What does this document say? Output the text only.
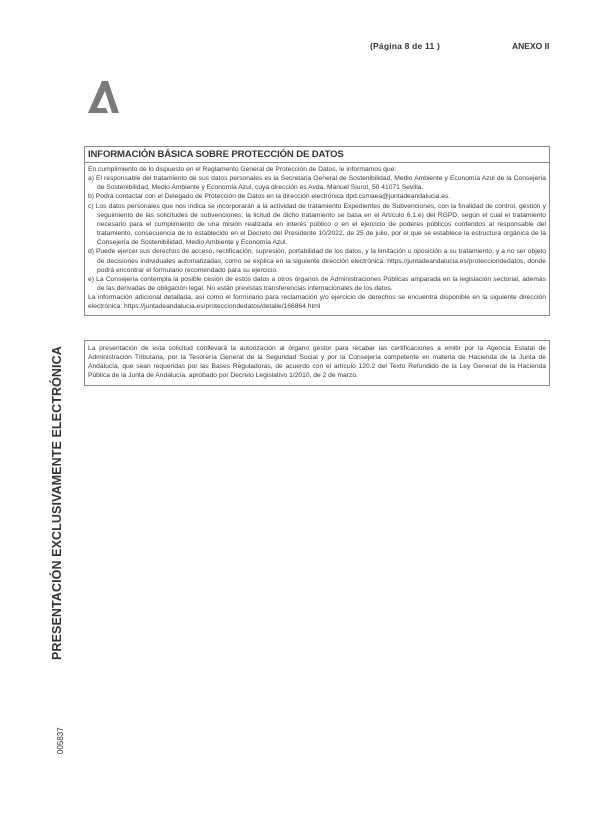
(Página 8 de 11 )	ANEXO II
PRESENTACIÓN EXCLUSIVAMENTE ELECTRÓNICA
005837
INFORMACIÓN BÁSICA SOBRE PROTECCIÓN DE DATOS

En cumplimiento de lo dispuesto en el Reglamento General de Protección de Datos, le informamos que:

a) El responsable del tratamiento de sus datos personales es la Secretaria General de Sostenibilidad, Medio Ambiente y Economía Azul de la Consejería de Sostenibilidad, Medio Ambiente y Economía Azul, cuya dirección es Avda. Manuel Siurot, 50 41071 Sevilla.

b) Podrá contactar con el Delegado de Protección de Datos en la dirección electrónica dpd.csmaea@juntadeandalucia.es.

c) Los datos personales que nos indica se incorporarán a la actividad de tratamiento Expedientes de Subvenciones, con la finalidad de control, gestión y seguimiento de las solicitudes de subvenciones; la licitud de dicho tratamiento se basa en el Artículo 6.1.e) del RGPD, según el cual el tratamiento necesario para el cumplimiento de una misión realizada en interés público o en el ejercicio de poderes públicos conferidos al responsable del tratamiento, consecuencia de lo establecido en el Decreto del Presidente 10/2022, de 25 de julio, por el que se establece la estructura orgánica de la Consejería de Sostenibilidad, Medio Ambiente y Economía Azul.

d) Puede ejercer sus derechos de acceso, rectificación, supresión, portabilidad de los datos, y la limitación u oposición a su tratamiento, y a no ser objeto de decisiones individuales automatizadas, como se explica en la siguiente dirección electrónica: https://juntadeandalucia.es/protecciondedatos, donde podrá encontrar el formulario recomendado para su ejercicio.

e) La Consejería contempla la posible cesión de estos datos a otros órganos de Administraciones Públicas amparada en la legislación sectorial, además de las derivadas de obligación legal. No están previstas transferencias internacionales de los datos.

La información adicional detallada, así como el formulario para reclamación y/o ejercicio de derechos se encuentra disponible en la siguiente dirección electrónica: https://juntadeandalucia.es/protecciondedatos/detalle/166864.html

La presentación de esta solicitud conllevará la autorización al órgano gestor para recabar las certificaciones a emitir por la Agencia Estatal de Administración Tributaria, por la Tesorería General de la Seguridad Social y por la Consejería competente en materia de Hacienda de la Junta de Andalucía, que sean requeridas por las Bases Reguladoras, de acuerdo con el artículo 120.2 del Texto Refundido de la Ley General de la Hacienda Pública de la Junta de Andalucía, aprobado por Decreto Legislativo 1/2010, de 2 de marzo.
